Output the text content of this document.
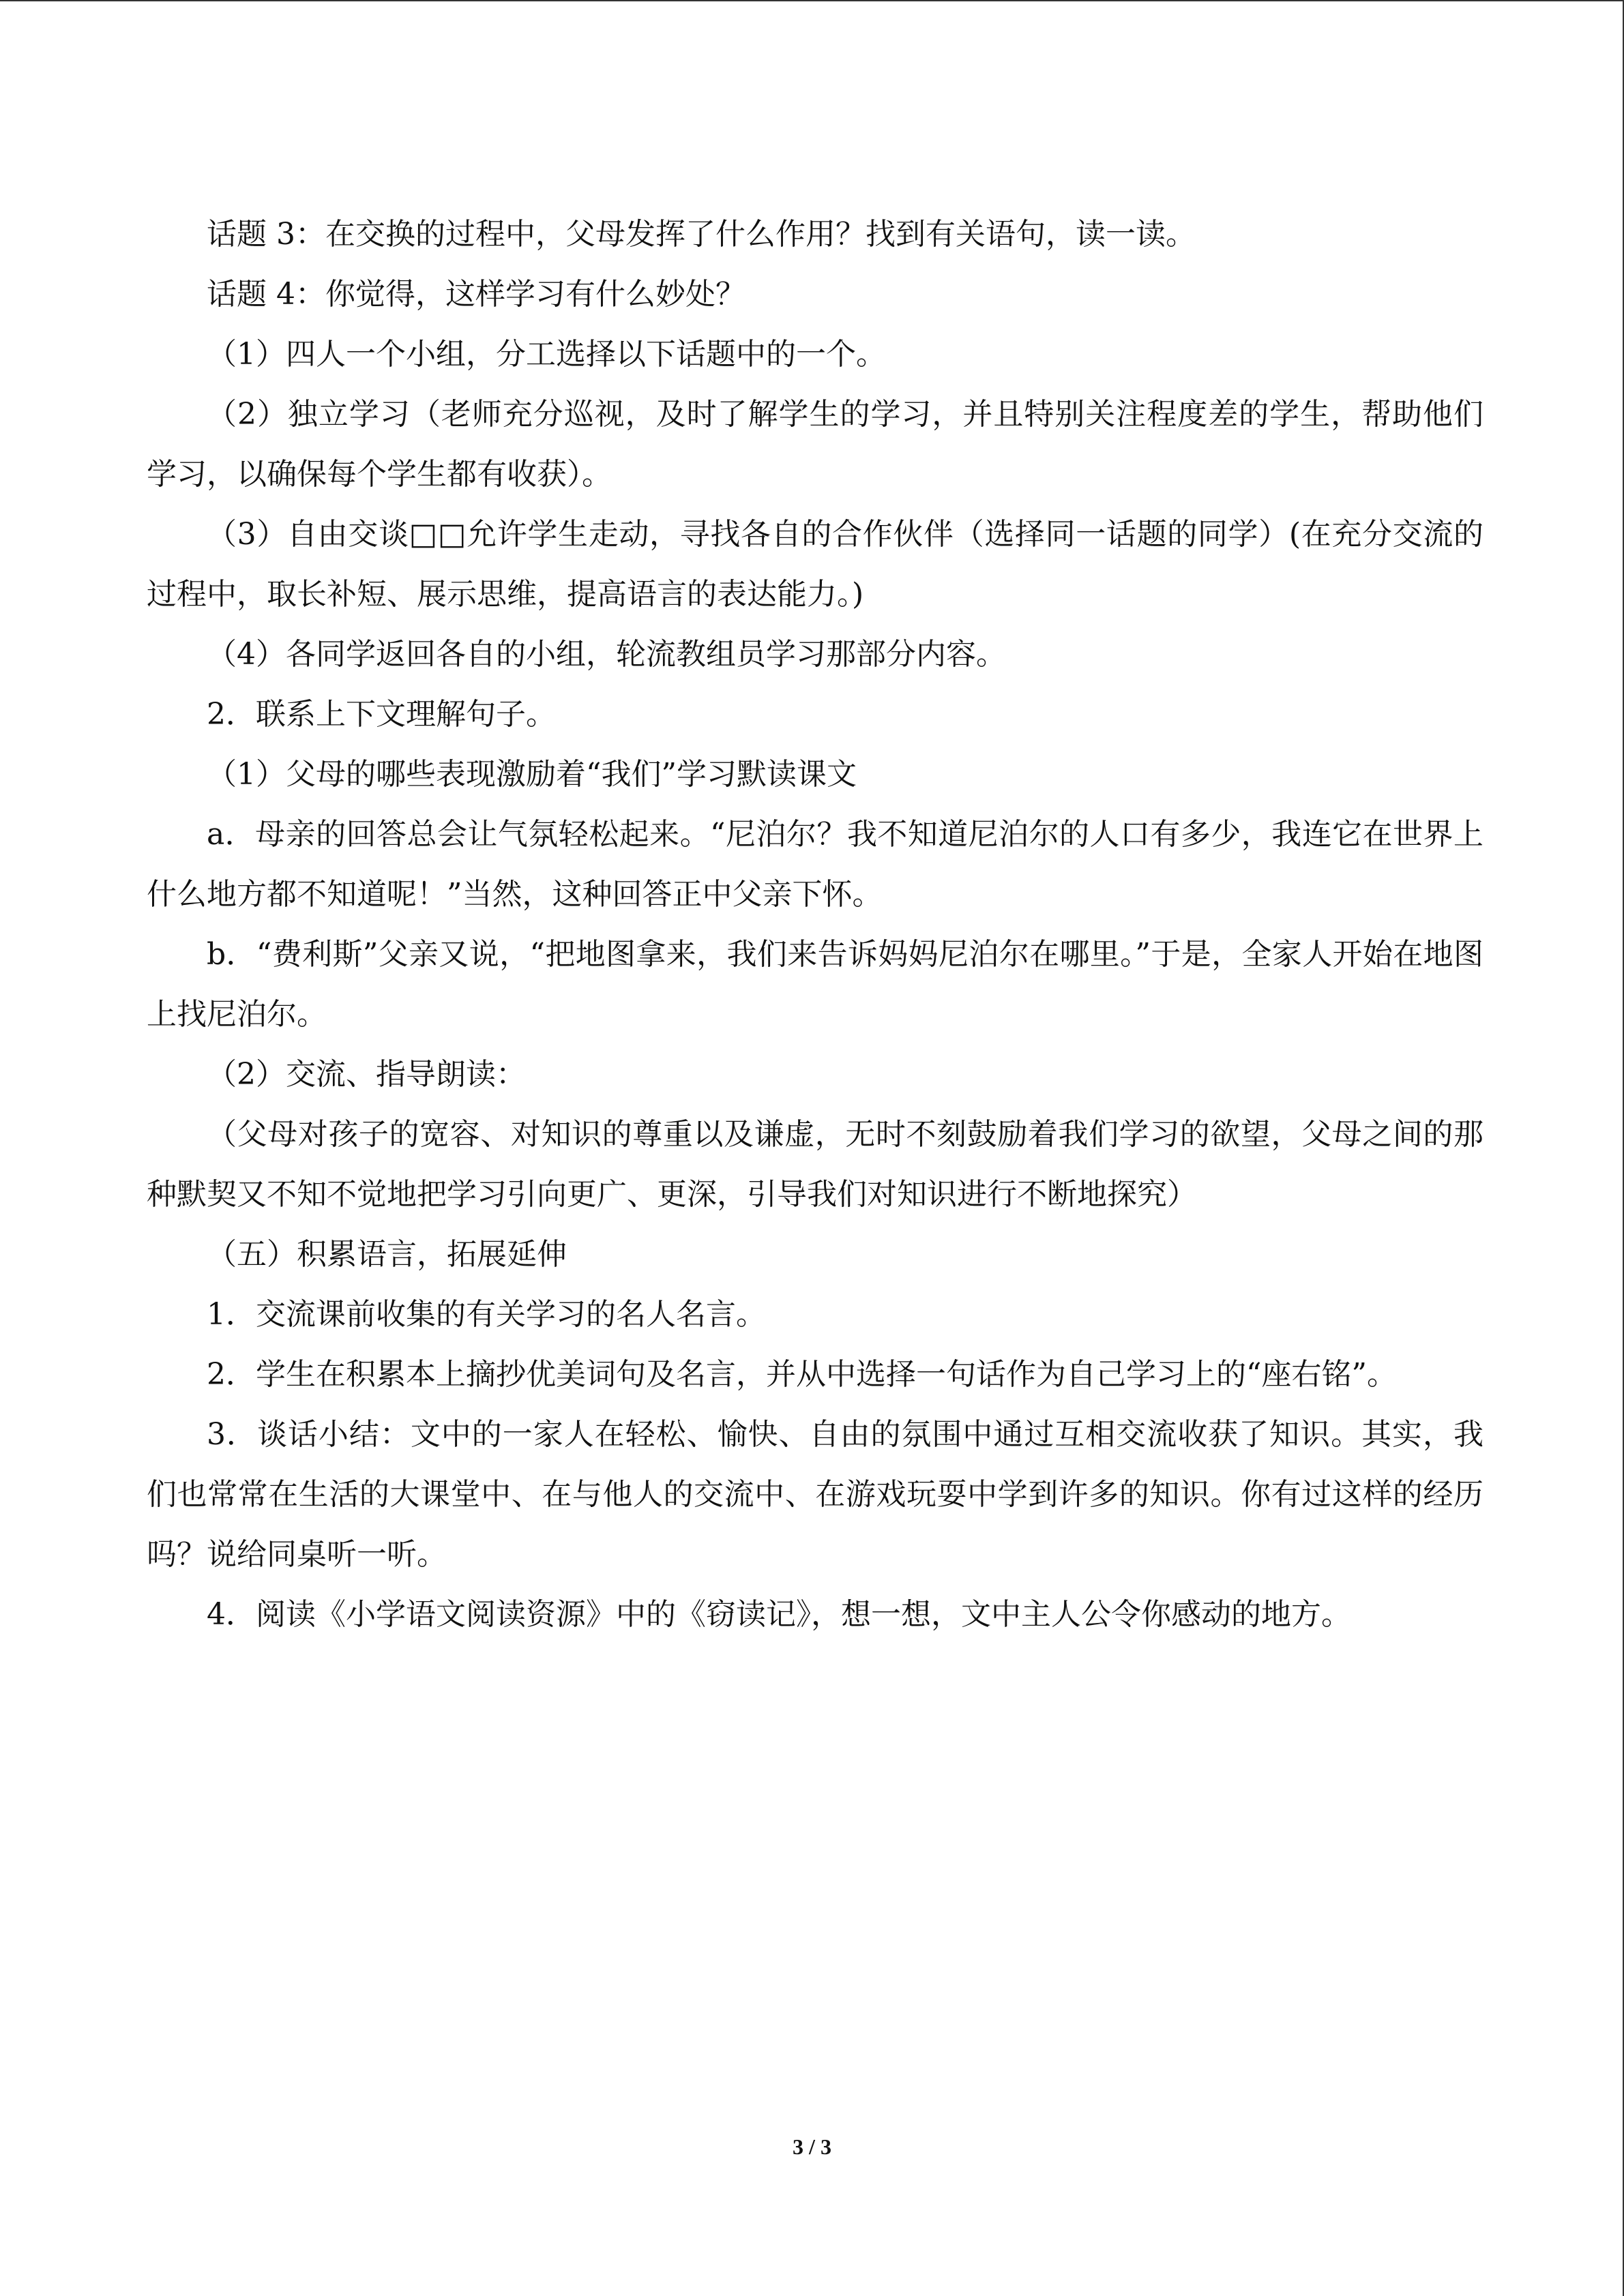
话题 3：在交换的过程中，父母发挥了什么作用？找到有关语句，读一读。

话题 4：你觉得，这样学习有什么妙处？

（1）四人一个小组，分工选择以下话题中的一个。

（2）独立学习（老师充分巡视，及时了解学生的学习，并且特别关注程度差的学生，帮助他们学习，以确保每个学生都有收获）。

（3）自由交谈□□允许学生走动，寻找各自的合作伙伴（选择同一话题的同学）(在充分交流的过程中，取长补短、展示思维，提高语言的表达能力。)

（4）各同学返回各自的小组，轮流教组员学习那部分内容。

2．联系上下文理解句子。

（1）父母的哪些表现激励着“我们”学习默读课文

a．母亲的回答总会让气氛轻松起来。“尼泊尔？我不知道尼泊尔的人口有多少，我连它在世界上什么地方都不知道呢！”当然，这种回答正中父亲下怀。

b．“费利斯”父亲又说，“把地图拿来，我们来告诉妈妈尼泊尔在哪里。”于是，全家人开始在地图上找尼泊尔。

（2）交流、指导朗读：

（父母对孩子的宽容、对知识的尊重以及谦虚，无时不刻鼓励着我们学习的欲望，父母之间的那种默契又不知不觉地把学习引向更广、更深，引导我们对知识进行不断地探究）

（五）积累语言，拓展延伸

1．交流课前收集的有关学习的名人名言。

2．学生在积累本上摘抄优美词句及名言，并从中选择一句话作为自己学习上的“座右铭”。

3．谈话小结：文中的一家人在轻松、愉快、自由的氛围中通过互相交流收获了知识。其实，我们也常常在生活的大课堂中、在与他人的交流中、在游戏玩耍中学到许多的知识。你有过这样的经历吗？说给同桌听一听。

4．阅读《小学语文阅读资源》中的《窃读记》，想一想，文中主人公令你感动的地方。

3 / 3
